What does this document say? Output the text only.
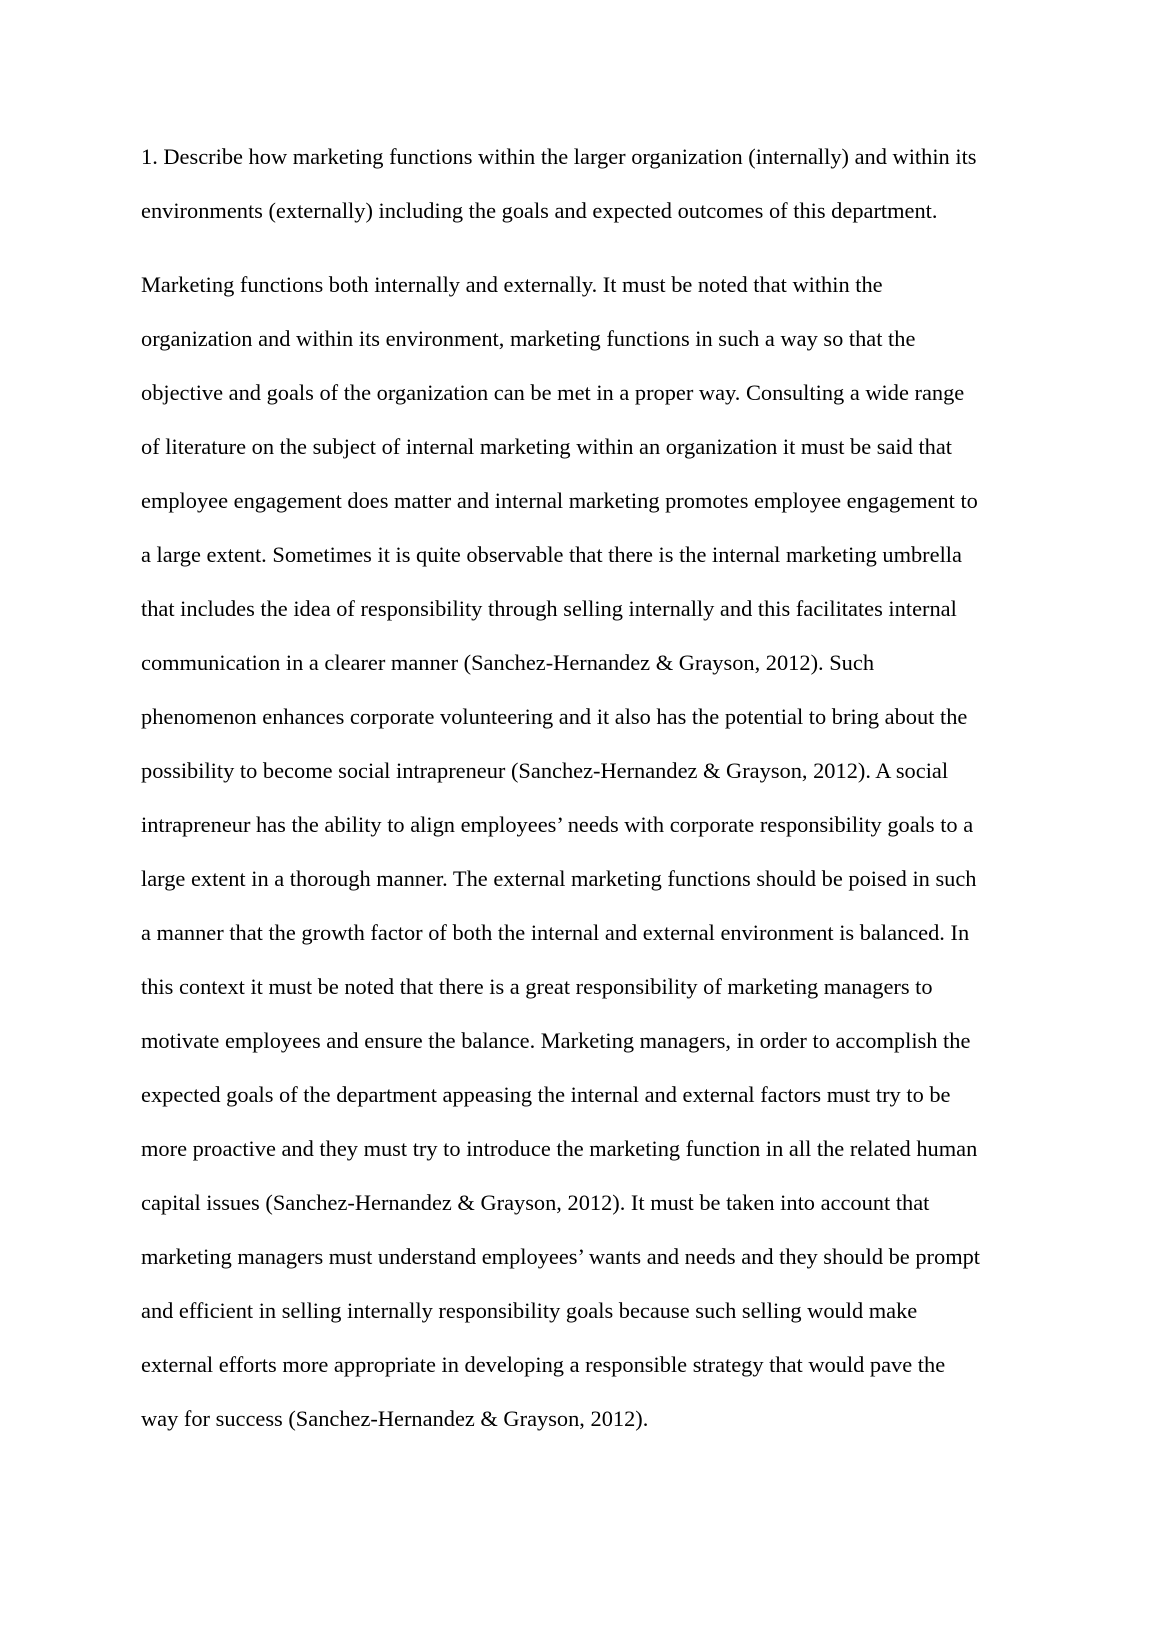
1. Describe how marketing functions within the larger organization (internally) and within its
environments (externally) including the goals and expected outcomes of this department.
Marketing functions both internally and externally. It must be noted that within the
organization and within its environment, marketing functions in such a way so that the
objective and goals of the organization can be met in a proper way. Consulting a wide range
of literature on the subject of internal marketing within an organization it must be said that
employee engagement does matter and internal marketing promotes employee engagement to
a large extent. Sometimes it is quite observable that there is the internal marketing umbrella
that includes the idea of responsibility through selling internally and this facilitates internal
communication in a clearer manner (Sanchez-Hernandez & Grayson, 2012). Such
phenomenon enhances corporate volunteering and it also has the potential to bring about the
possibility to become social intrapreneur (Sanchez-Hernandez & Grayson, 2012). A social
intrapreneur has the ability to align employees’ needs with corporate responsibility goals to a
large extent in a thorough manner. The external marketing functions should be poised in such
a manner that the growth factor of both the internal and external environment is balanced. In
this context it must be noted that there is a great responsibility of marketing managers to
motivate employees and ensure the balance. Marketing managers, in order to accomplish the
expected goals of the department appeasing the internal and external factors must try to be
more proactive and they must try to introduce the marketing function in all the related human
capital issues (Sanchez-Hernandez & Grayson, 2012). It must be taken into account that
marketing managers must understand employees’ wants and needs and they should be prompt
and efficient in selling internally responsibility goals because such selling would make
external efforts more appropriate in developing a responsible strategy that would pave the
way for success (Sanchez-Hernandez & Grayson, 2012).
